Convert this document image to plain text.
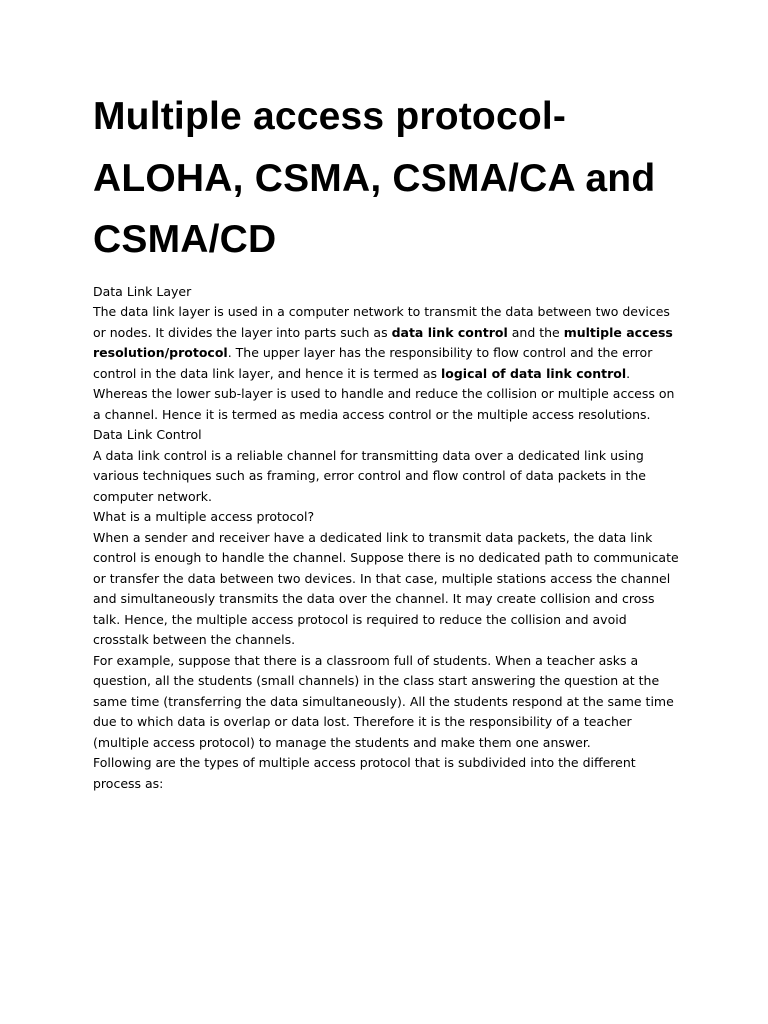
Multiple access protocol- ALOHA, CSMA, CSMA/CA and CSMA/CD

Data Link Layer

The data link layer is used in a computer network to transmit the data between two devices or nodes. It divides the layer into parts such as data link control and the multiple access resolution/protocol. The upper layer has the responsibility to flow control and the error control in the data link layer, and hence it is termed as logical of data link control. Whereas the lower sub-layer is used to handle and reduce the collision or multiple access on a channel. Hence it is termed as media access control or the multiple access resolutions.

Data Link Control

A data link control is a reliable channel for transmitting data over a dedicated link using various techniques such as framing, error control and flow control of data packets in the computer network.

What is a multiple access protocol?

When a sender and receiver have a dedicated link to transmit data packets, the data link control is enough to handle the channel. Suppose there is no dedicated path to communicate or transfer the data between two devices. In that case, multiple stations access the channel and simultaneously transmits the data over the channel. It may create collision and cross talk. Hence, the multiple access protocol is required to reduce the collision and avoid crosstalk between the channels.

For example, suppose that there is a classroom full of students. When a teacher asks a question, all the students (small channels) in the class start answering the question at the same time (transferring the data simultaneously). All the students respond at the same time due to which data is overlap or data lost. Therefore it is the responsibility of a teacher (multiple access protocol) to manage the students and make them one answer.

Following are the types of multiple access protocol that is subdivided into the different process as:
